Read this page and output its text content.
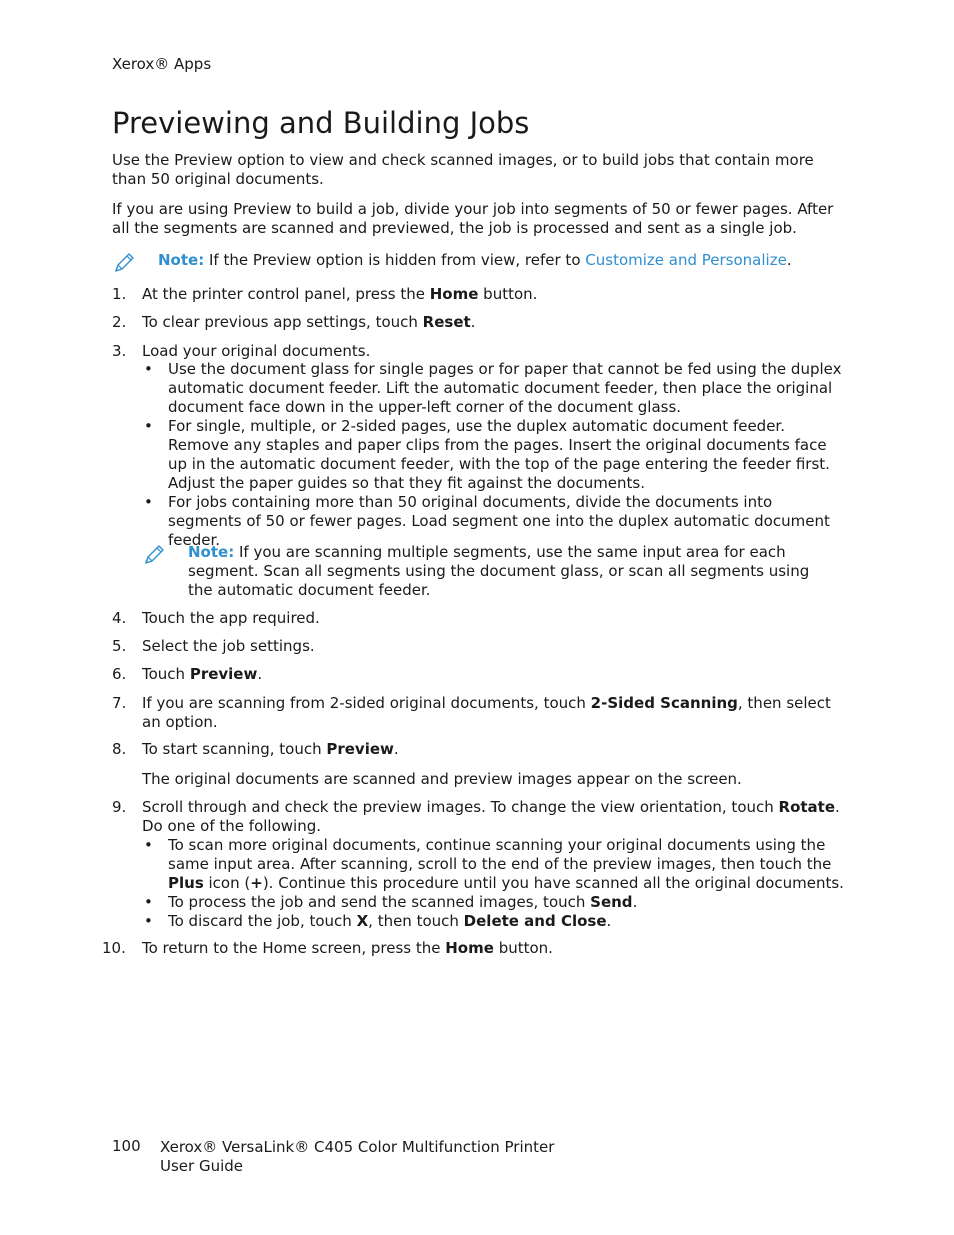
Xerox® Apps
Previewing and Building Jobs
Use the Preview option to view and check scanned images, or to build jobs that contain more than 50 original documents.
If you are using Preview to build a job, divide your job into segments of 50 or fewer pages. After all the segments are scanned and previewed, the job is processed and sent as a single job.
Note: If the Preview option is hidden from view, refer to Customize and Personalize.
1.	At the printer control panel, press the Home button.
2.	To clear previous app settings, touch Reset.
3.	Load your original documents.
• Use the document glass for single pages or for paper that cannot be fed using the duplex automatic document feeder. Lift the automatic document feeder, then place the original document face down in the upper-left corner of the document glass.
• For single, multiple, or 2-sided pages, use the duplex automatic document feeder. Remove any staples and paper clips from the pages. Insert the original documents face up in the automatic document feeder, with the top of the page entering the feeder first. Adjust the paper guides so that they fit against the documents.
• For jobs containing more than 50 original documents, divide the documents into segments of 50 or fewer pages. Load segment one into the duplex automatic document feeder.
Note: If you are scanning multiple segments, use the same input area for each segment. Scan all segments using the document glass, or scan all segments using the automatic document feeder.
4.	Touch the app required.
5.	Select the job settings.
6.	Touch Preview.
7.	If you are scanning from 2-sided original documents, touch 2-Sided Scanning, then select an option.
8.	To start scanning, touch Preview.
The original documents are scanned and preview images appear on the screen.
9.	Scroll through and check the preview images. To change the view orientation, touch Rotate. Do one of the following.
• To scan more original documents, continue scanning your original documents using the same input area. After scanning, scroll to the end of the preview images, then touch the Plus icon (+). Continue this procedure until you have scanned all the original documents.
• To process the job and send the scanned images, touch Send.
• To discard the job, touch X, then touch Delete and Close.
10.	To return to the Home screen, press the Home button.
100 Xerox® VersaLink® C405 Color Multifunction Printer
User Guide
